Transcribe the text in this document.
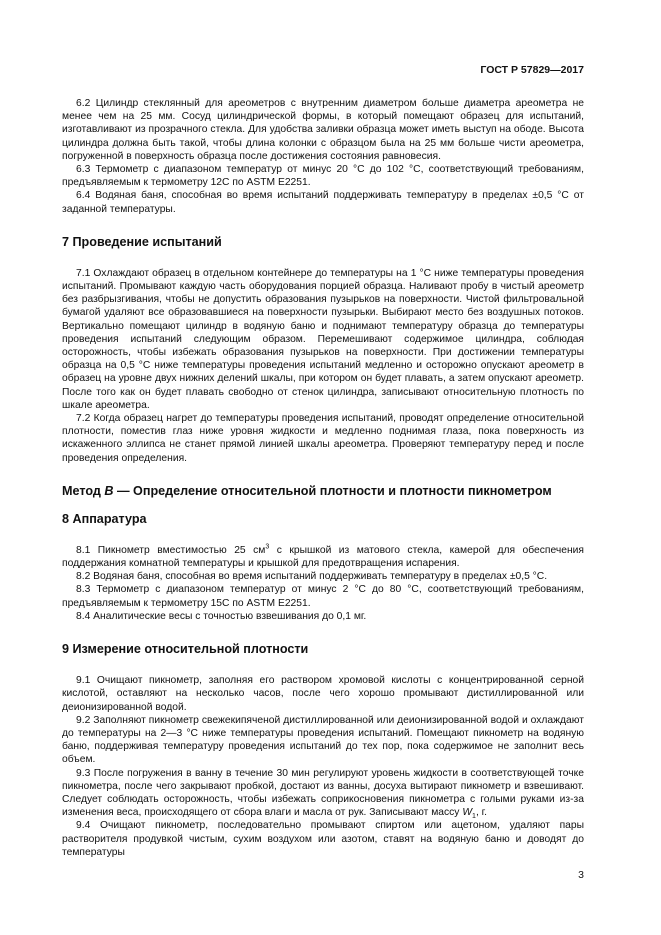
ГОСТ Р 57829—2017

6.2 Цилиндр стеклянный для ареометров с внутренним диаметром больше диаметра ареометра не менее чем на 25 мм. Сосуд цилиндрической формы, в который помещают образец для испытаний, изготавливают из прозрачного стекла. Для удобства заливки образца может иметь выступ на ободе. Высота цилиндра должна быть такой, чтобы длина колонки с образцом была на 25 мм больше чисти ареометра, погруженной в поверхность образца после достижения состояния равновесия.

6.3 Термометр с диапазоном температур от минус 20 °С до 102 °С, соответствующий требованиям, предъявляемым к термометру 12С по ASTM E2251.

6.4 Водяная баня, способная во время испытаний поддерживать температуру в пределах ±0,5 °С от заданной температуры.

7 Проведение испытаний

7.1 Охлаждают образец в отдельном контейнере до температуры на 1 °С ниже температуры проведения испытаний. Промывают каждую часть оборудования порцией образца. Наливают пробу в чистый ареометр без разбрызгивания, чтобы не допустить образования пузырьков на поверхности. Чистой фильтровальной бумагой удаляют все образовавшиеся на поверхности пузырьки. Выбирают место без воздушных потоков. Вертикально помещают цилиндр в водяную баню и поднимают температуру образца до температуры проведения испытаний следующим образом. Перемешивают содержимое цилиндра, соблюдая осторожность, чтобы избежать образования пузырьков на поверхности. При достижении температуры образца на 0,5 °С ниже температуры проведения испытаний медленно и осторожно опускают ареометр в образец на уровне двух нижних делений шкалы, при котором он будет плавать, а затем опускают ареометр. После того как он будет плавать свободно от стенок цилиндра, записывают относительную плотность по шкале ареометра.

7.2 Когда образец нагрет до температуры проведения испытаний, проводят определение относительной плотности, поместив глаз ниже уровня жидкости и медленно поднимая глаза, пока поверхность из искаженного эллипса не станет прямой линией шкалы ареометра. Проверяют температуру перед и после проведения определения.

Метод В — Определение относительной плотности и плотности пикнометром

8 Аппаратура

8.1 Пикнометр вместимостью 25 $см^3$ с крышкой из матового стекла, камерой для обеспечения поддержания комнатной температуры и крышкой для предотвращения испарения.

8.2 Водяная баня, способная во время испытаний поддерживать температуру в пределах ±0,5 °С.

8.3 Термометр с диапазоном температур от минус 2 °С до 80 °С, соответствующий требованиям, предъявляемым к термометру 15С по ASTM E2251.

8.4 Аналитические весы с точностью взвешивания до 0,1 мг.

9 Измерение относительной плотности

9.1 Очищают пикнометр, заполняя его раствором хромовой кислоты с концентрированной серной кислотой, оставляют на несколько часов, после чего хорошо промывают дистиллированной или деионизированной водой.

9.2 Заполняют пикнометр свежекипяченой дистиллированной или деионизированной водой и охлаждают до температуры на 2—3 °С ниже температуры проведения испытаний. Помещают пикнометр на водяную баню, поддерживая температуру проведения испытаний до тех пор, пока содержимое не заполнит весь объем.

9.3 После погружения в ванну в течение 30 мин регулируют уровень жидкости в соответствующей точке пикнометра, после чего закрывают пробкой, достают из ванны, досуха вытирают пикнометр и взвешивают. Следует соблюдать осторожность, чтобы избежать соприкосновения пикнометра с голыми руками из-за изменения веса, происходящего от сбора влаги и масла от рук. Записывают массу $W_1$, г.

9.4 Очищают пикнометр, последовательно промывают спиртом или ацетоном, удаляют пары растворителя продувкой чистым, сухим воздухом или азотом, ставят на водяную баню и доводят до температуры

3
